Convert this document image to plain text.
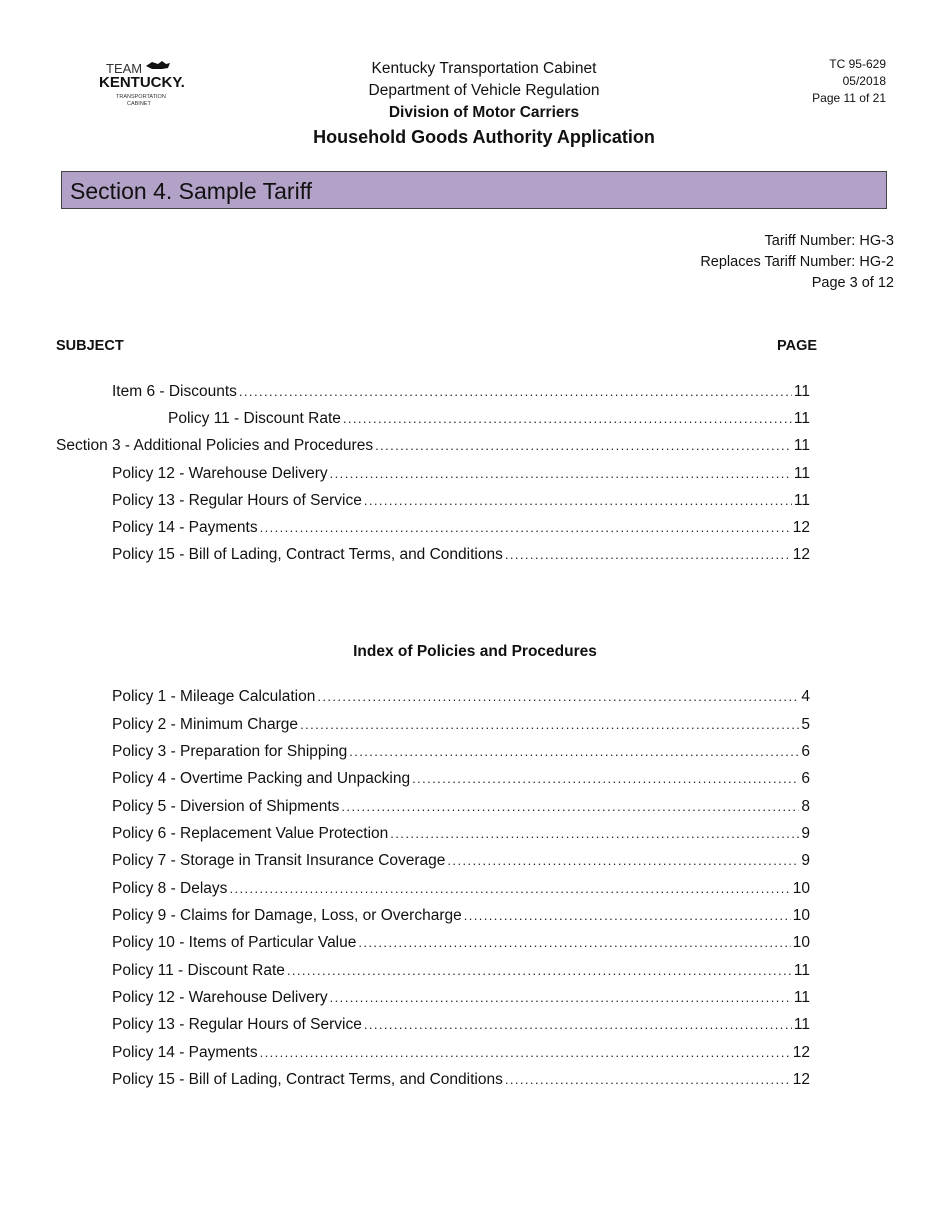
TEAM
KENTUCKY.
TRANSPORTATION
CABINET
Kentucky Transportation Cabinet
Department of Vehicle Regulation
Division of Motor Carriers
Household Goods Authority Application
TC 95-629
05/2018
Page 11 of 21
Section 4. Sample Tariff
Tariff Number: HG-3
Replaces Tariff Number: HG-2
Page 3 of 12
SUBJECT	PAGE
Item 6 - Discounts .....	11
Policy 11 - Discount Rate .....	11
Section 3 - Additional Policies and Procedures .....	11
Policy 12 - Warehouse Delivery .....	11
Policy 13 - Regular Hours of Service .....	11
Policy 14 - Payments .....	12
Policy 15 - Bill of Lading, Contract Terms, and Conditions .....	12
Index of Policies and Procedures
Policy 1 - Mileage Calculation .....	4
Policy 2 - Minimum Charge .....	5
Policy 3 - Preparation for Shipping .....	6
Policy 4 - Overtime Packing and Unpacking .....	6
Policy 5 - Diversion of Shipments .....	8
Policy 6 - Replacement Value Protection .....	9
Policy 7 - Storage in Transit Insurance Coverage .....	9
Policy 8 - Delays .....	10
Policy 9 - Claims for Damage, Loss, or Overcharge .....	10
Policy 10 - Items of Particular Value .....	10
Policy 11 - Discount Rate .....	11
Policy 12 - Warehouse Delivery .....	11
Policy 13 - Regular Hours of Service .....	11
Policy 14 - Payments .....	12
Policy 15 - Bill of Lading, Contract Terms, and Conditions .....	12
